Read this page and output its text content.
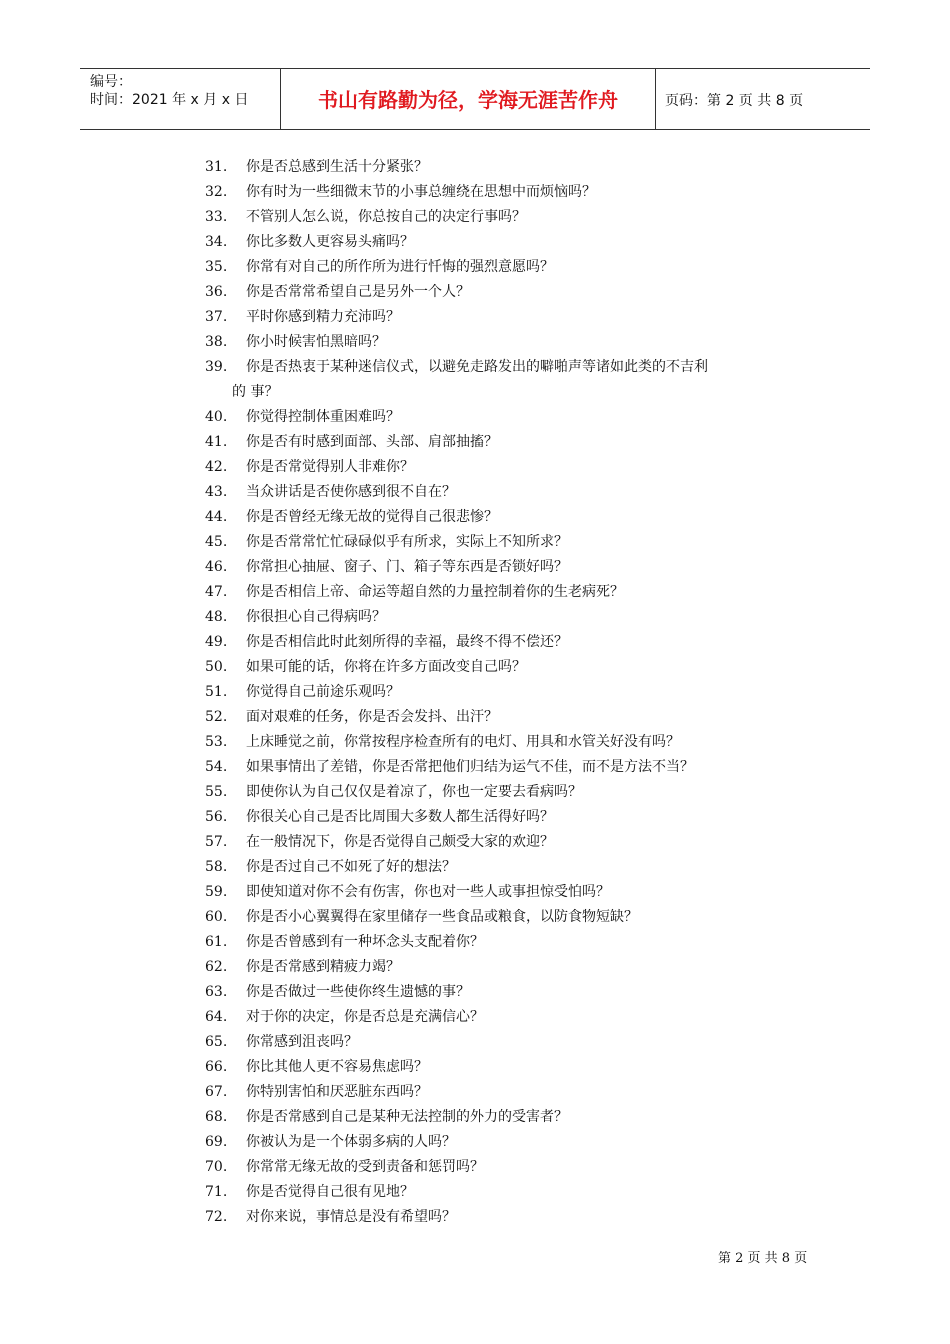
编号：
时间：2021 年 x 月 x 日	书山有路勤为径，学海无涯苦作舟	页码：第 2 页 共 8 页
31. 你是否总感到生活十分紧张？
32. 你有时为一些细微末节的小事总缠绕在思想中而烦恼吗？
33. 不管别人怎么说，你总按自己的决定行事吗？
34. 你比多数人更容易头痛吗？
35. 你常有对自己的所作所为进行忏悔的强烈意愿吗？
36. 你是否常常希望自己是另外一个人？
37. 平时你感到精力充沛吗？
38. 你小时候害怕黑暗吗？
39. 你是否热衷于某种迷信仪式，以避免走路发出的噼啪声等诸如此类的不吉利
的 事？
40. 你觉得控制体重困难吗？
41. 你是否有时感到面部、头部、肩部抽搐？
42. 你是否常觉得别人非难你？
43. 当众讲话是否使你感到很不自在？
44. 你是否曾经无缘无故的觉得自己很悲惨？
45. 你是否常常忙忙碌碌似乎有所求，实际上不知所求？
46. 你常担心抽屉、窗子、门、箱子等东西是否锁好吗？
47. 你是否相信上帝、命运等超自然的力量控制着你的生老病死？
48. 你很担心自己得病吗？
49. 你是否相信此时此刻所得的幸福，最终不得不偿还？
50. 如果可能的话，你将在许多方面改变自己吗？
51. 你觉得自己前途乐观吗？
52. 面对艰难的任务，你是否会发抖、出汗？
53. 上床睡觉之前，你常按程序检查所有的电灯、用具和水管关好没有吗？
54. 如果事情出了差错，你是否常把他们归结为运气不佳，而不是方法不当？
55. 即使你认为自己仅仅是着凉了，你也一定要去看病吗？
56. 你很关心自己是否比周围大多数人都生活得好吗？
57. 在一般情况下，你是否觉得自己颇受大家的欢迎？
58. 你是否过自己不如死了好的想法？
59. 即使知道对你不会有伤害，你也对一些人或事担惊受怕吗？
60. 你是否小心翼翼得在家里储存一些食品或粮食，以防食物短缺？
61. 你是否曾感到有一种坏念头支配着你？
62. 你是否常感到精疲力竭？
63. 你是否做过一些使你终生遗憾的事？
64. 对于你的决定，你是否总是充满信心？
65. 你常感到沮丧吗？
66. 你比其他人更不容易焦虑吗？
67. 你特别害怕和厌恶脏东西吗？
68. 你是否常感到自己是某种无法控制的外力的受害者？
69. 你被认为是一个体弱多病的人吗？
70. 你常常无缘无故的受到责备和惩罚吗？
71. 你是否觉得自己很有见地？
72. 对你来说，事情总是没有希望吗？
第 2 页 共 8 页
